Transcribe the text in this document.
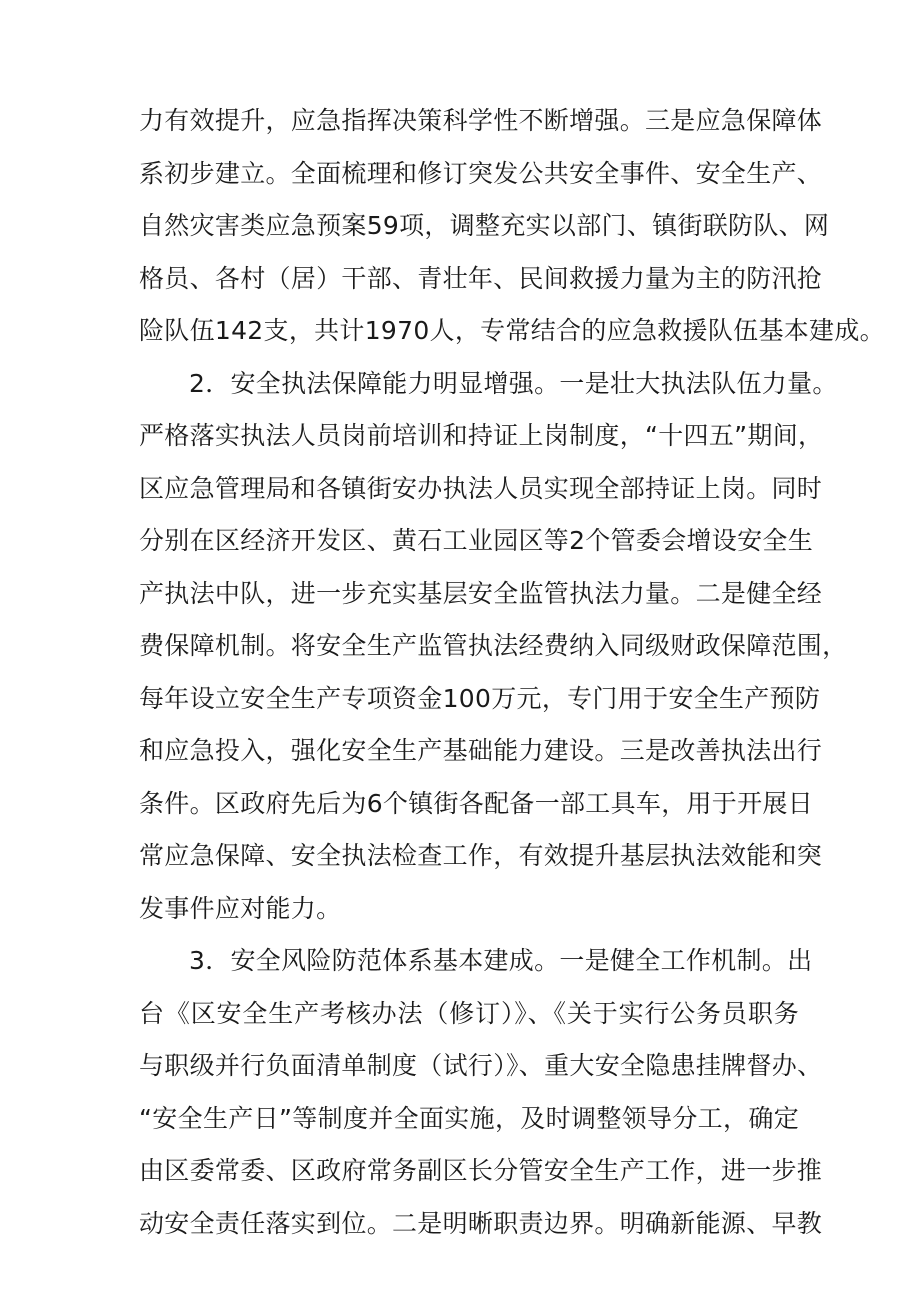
力有效提升，应急指挥决策科学性不断增强。三是应急保障体
系初步建立。全面梳理和修订突发公共安全事件、安全生产、
自然灾害类应急预案59项，调整充实以部门、镇街联防队、网
格员、各村（居）干部、青壮年、民间救援力量为主的防汛抢
险队伍142支，共计1970人，专常结合的应急救援队伍基本建成。
2．安全执法保障能力明显增强。一是壮大执法队伍力量。
严格落实执法人员岗前培训和持证上岗制度，“十四五”期间，
区应急管理局和各镇街安办执法人员实现全部持证上岗。同时
分别在区经济开发区、黄石工业园区等2个管委会增设安全生
产执法中队，进一步充实基层安全监管执法力量。二是健全经
费保障机制。将安全生产监管执法经费纳入同级财政保障范围，
每年设立安全生产专项资金100万元，专门用于安全生产预防
和应急投入，强化安全生产基础能力建设。三是改善执法出行
条件。区政府先后为6个镇街各配备一部工具车，用于开展日
常应急保障、安全执法检查工作，有效提升基层执法效能和突
发事件应对能力。
3．安全风险防范体系基本建成。一是健全工作机制。出
台《区安全生产考核办法（修订）》、《关于实行公务员职务
与职级并行负面清单制度（试行）》、重大安全隐患挂牌督办、
“安全生产日”等制度并全面实施，及时调整领导分工，确定
由区委常委、区政府常务副区长分管安全生产工作，进一步推
动安全责任落实到位。二是明晰职责边界。明确新能源、早教
